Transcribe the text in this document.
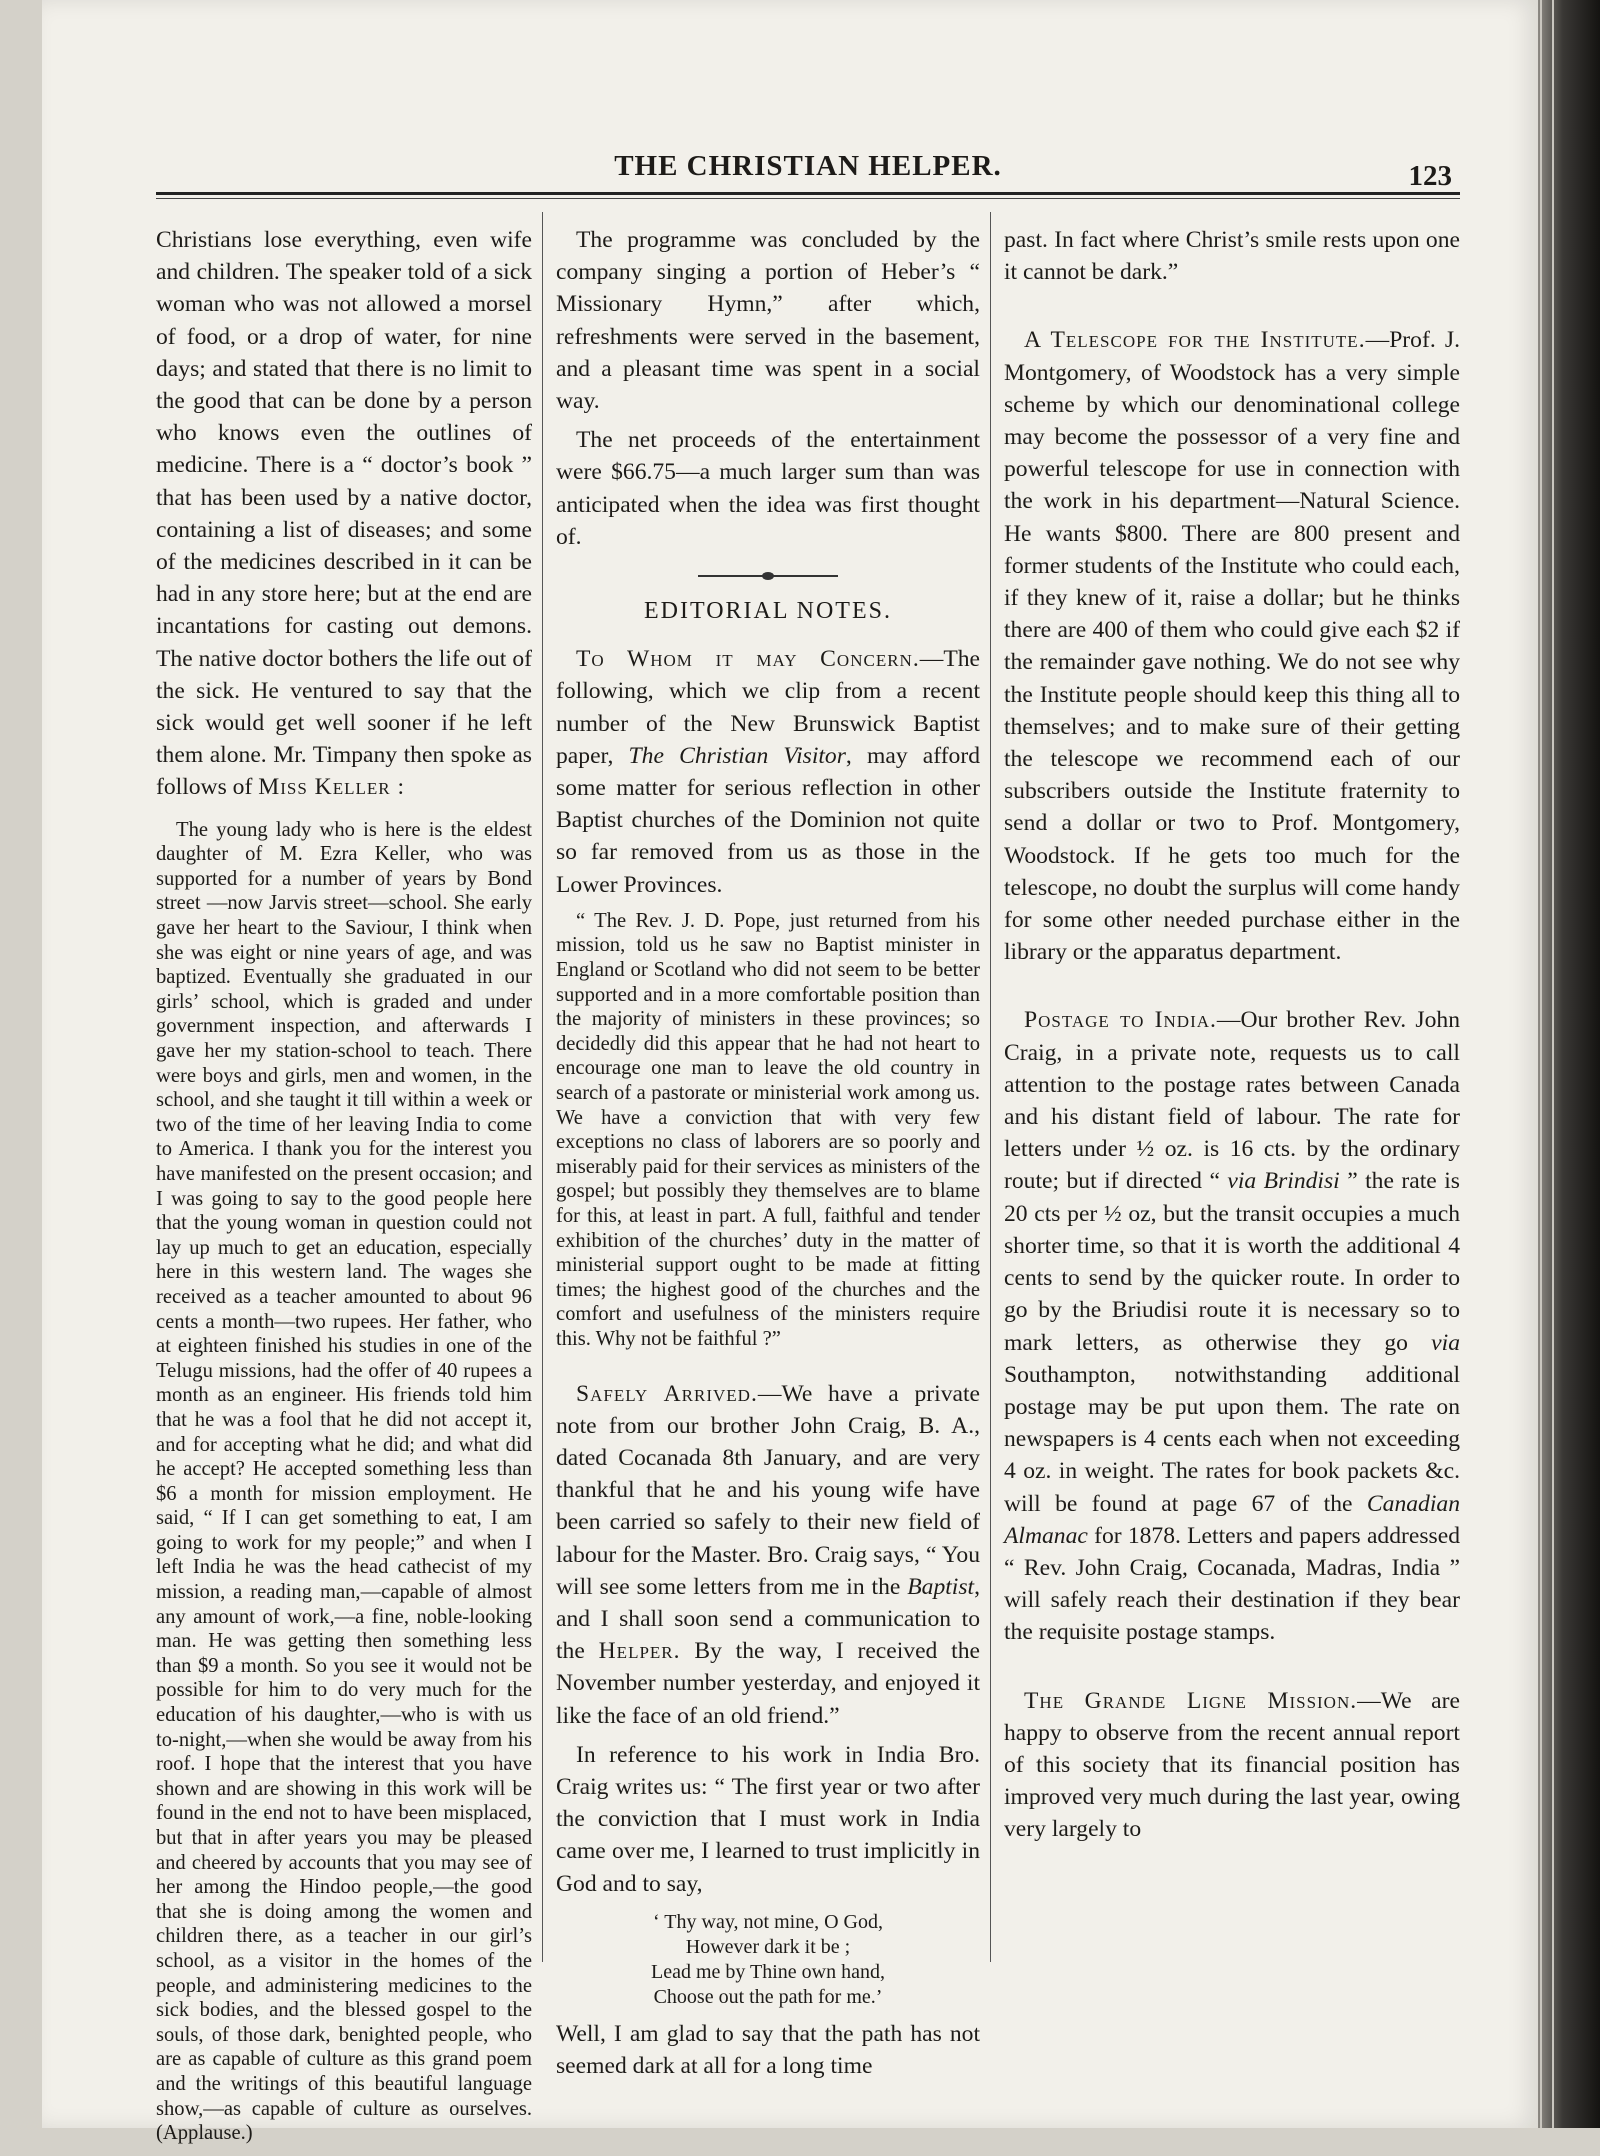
THE CHRISTIAN HELPER.	123

Christians lose everything, even wife and children. The speaker told of a sick woman who was not allowed a morsel of food, or a drop of water, for nine days; and stated that there is no limit to the good that can be done by a person who knows even the outlines of medicine. There is a “ doctor’s book ” that has been used by a native doctor, containing a list of diseases; and some of the medicines described in it can be had in any store here; but at the end are incantations for casting out demons. The native doctor bothers the life out of the sick. He ventured to say that the sick would get well sooner if he left them alone. Mr. Timpany then spoke as follows of Miss Keller :

The young lady who is here is the eldest daughter of M. Ezra Keller, who was supported for a number of years by Bond street —now Jarvis street—school. She early gave her heart to the Saviour, I think when she was eight or nine years of age, and was baptized. Eventually she graduated in our girls’ school, which is graded and under government inspection, and afterwards I gave her my station-school to teach. There were boys and girls, men and women, in the school, and she taught it till within a week or two of the time of her leaving India to come to America. I thank you for the interest you have manifested on the present occasion; and I was going to say to the good people here that the young woman in question could not lay up much to get an education, especially here in this western land. The wages she received as a teacher amounted to about 96 cents a month—two rupees. Her father, who at eighteen finished his studies in one of the Telugu missions, had the offer of 40 rupees a month as an engineer. His friends told him that he was a fool that he did not accept it, and for accepting what he did; and what did he accept? He accepted something less than $6 a month for mission employment. He said, “ If I can get something to eat, I am going to work for my people;” and when I left India he was the head cathecist of my mission, a reading man,—capable of almost any amount of work,—a fine, noble-looking man. He was getting then something less than $9 a month. So you see it would not be possible for him to do very much for the education of his daughter,—who is with us to-night,—when she would be away from his roof. I hope that the interest that you have shown and are showing in this work will be found in the end not to have been misplaced, but that in after years you may be pleased and cheered by accounts that you may see of her among the Hindoo people,—the good that she is doing among the women and children there, as a teacher in our girl’s school, as a visitor in the homes of the people, and administering medicines to the sick bodies, and the blessed gospel to the souls, of those dark, benighted people, who are as capable of culture as this grand poem and the writings of this beautiful language show,—as capable of culture as ourselves. (Applause.)

The programme was concluded by the company singing a portion of Heber’s “ Missionary Hymn,” after which, refreshments were served in the basement, and a pleasant time was spent in a social way.

The net proceeds of the entertainment were $66.75—a much larger sum than was anticipated when the idea was first thought of.

EDITORIAL NOTES.

To Whom it may Concern.—The following, which we clip from a recent number of the New Brunswick Baptist paper, The Christian Visitor, may afford some matter for serious reflection in other Baptist churches of the Dominion not quite so far removed from us as those in the Lower Provinces.

“ The Rev. J. D. Pope, just returned from his mission, told us he saw no Baptist minister in England or Scotland who did not seem to be better supported and in a more comfortable position than the majority of ministers in these provinces; so decidedly did this appear that he had not heart to encourage one man to leave the old country in search of a pastorate or ministerial work among us. We have a conviction that with very few exceptions no class of laborers are so poorly and miserably paid for their services as ministers of the gospel; but possibly they themselves are to blame for this, at least in part. A full, faithful and tender exhibition of the churches’ duty in the matter of ministerial support ought to be made at fitting times; the highest good of the churches and the comfort and usefulness of the ministers require this. Why not be faithful ?”

Safely Arrived.—We have a private note from our brother John Craig, B. A., dated Cocanada 8th January, and are very thankful that he and his young wife have been carried so safely to their new field of labour for the Master. Bro. Craig says, “ You will see some letters from me in the Baptist, and I shall soon send a communication to the Helper. By the way, I received the November number yesterday, and enjoyed it like the face of an old friend.”

In reference to his work in India Bro. Craig writes us: “ The first year or two after the conviction that I must work in India came over me, I learned to trust implicitly in God and to say,

‘ Thy way, not mine, O God,
However dark it be ;
Lead me by Thine own hand,
Choose out the path for me.’

Well, I am glad to say that the path has not seemed dark at all for a long time

past. In fact where Christ’s smile rests upon one it cannot be dark.”

A Telescope for the Institute.—Prof. J. Montgomery, of Woodstock has a very simple scheme by which our denominational college may become the possessor of a very fine and powerful telescope for use in connection with the work in his department—Natural Science. He wants $800. There are 800 present and former students of the Institute who could each, if they knew of it, raise a dollar; but he thinks there are 400 of them who could give each $2 if the remainder gave nothing. We do not see why the Institute people should keep this thing all to themselves; and to make sure of their getting the telescope we recommend each of our subscribers outside the Institute fraternity to send a dollar or two to Prof. Montgomery, Woodstock. If he gets too much for the telescope, no doubt the surplus will come handy for some other needed purchase either in the library or the apparatus department.

Postage to India.—Our brother Rev. John Craig, in a private note, requests us to call attention to the postage rates between Canada and his distant field of labour. The rate for letters under ½ oz. is 16 cts. by the ordinary route; but if directed “ via Brindisi ” the rate is 20 cts per ½ oz, but the transit occupies a much shorter time, so that it is worth the additional 4 cents to send by the quicker route. In order to go by the Briudisi route it is necessary so to mark letters, as otherwise they go via Southampton, notwithstanding additional postage may be put upon them. The rate on newspapers is 4 cents each when not exceeding 4 oz. in weight. The rates for book packets &c. will be found at page 67 of the Canadian Almanac for 1878. Letters and papers addressed “ Rev. John Craig, Cocanada, Madras, India ” will safely reach their destination if they bear the requisite postage stamps.

The Grande Ligne Mission.—We are happy to observe from the recent annual report of this society that its financial position has improved very much during the last year, owing very largely to
